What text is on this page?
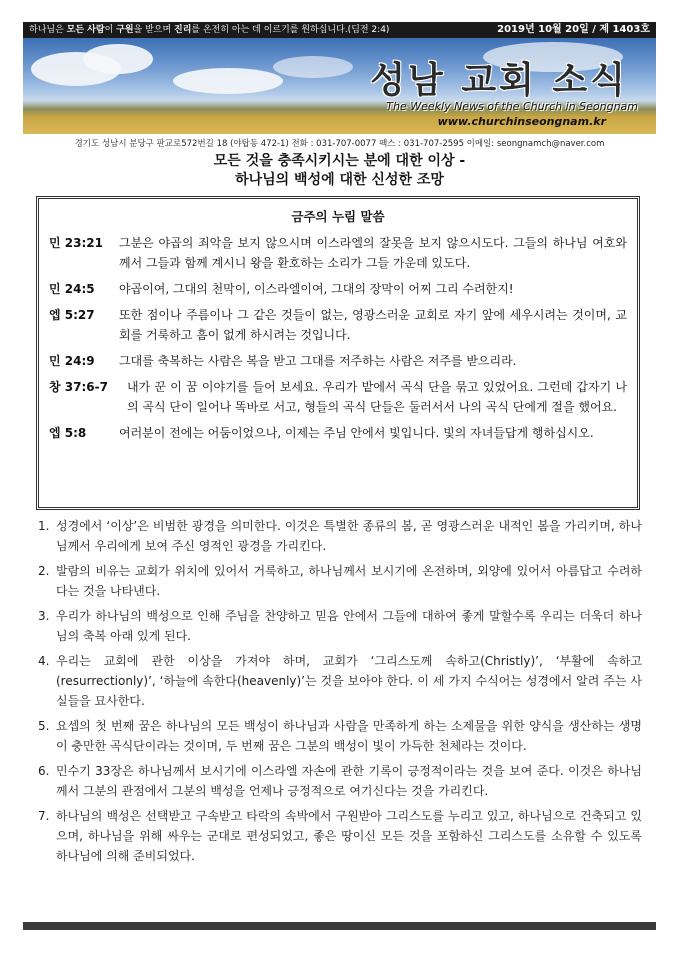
하나님은 모든 사람이 구원을 받으며 진리를 온전히 아는 데 이르기를 원하십니다.(딤전 2:4)	2019년 10월 20일 / 제 1403호
성남 교회 소식
The Weekly News of the Church in Seongnam
www.churchinseongnam.kr
경기도 성남시 분당구 판교로572번길 18 (야탑동 472-1) 전화 : 031-707-0077 팩스 : 031-707-2595 이메일: seongnamch@naver.com
모든 것을 충족시키시는 분에 대한 이상 -
하나님의 백성에 대한 신성한 조망
금주의 누림 말씀
민 23:21	그분은 야곱의 죄악을 보지 않으시며 이스라엘의 잘못을 보지 않으시도다. 그들의 하나님 여호와께서 그들과 함께 계시니 왕을 환호하는 소리가 그들 가운데 있도다.
민 24:5	야곱이여, 그대의 천막이, 이스라엘이여, 그대의 장막이 어찌 그리 수려한지!
엡 5:27	또한 점이나 주름이나 그 같은 것들이 없는, 영광스러운 교회로 자기 앞에 세우시려는 것이며, 교회를 거룩하고 흠이 없게 하시려는 것입니다.
민 24:9	그대를 축복하는 사람은 복을 받고 그대를 저주하는 사람은 저주를 받으리라.
창 37:6-7	내가 꾼 이 꿈 이야기를 들어 보세요. 우리가 밭에서 곡식 단을 묶고 있었어요. 그런데 갑자기 나의 곡식 단이 일어나 똑바로 서고, 형들의 곡식 단들은 둘러서서 나의 곡식 단에게 절을 했어요.
엡 5:8	여러분이 전에는 어둠이었으나, 이제는 주님 안에서 빛입니다. 빛의 자녀들답게 행하십시오.
1. 성경에서 ‘이상’은 비범한 광경을 의미한다. 이것은 특별한 종류의 봄, 곧 영광스러운 내적인 봄을 가리키며, 하나님께서 우리에게 보여 주신 영적인 광경을 가리킨다.
2. 발람의 비유는 교회가 위치에 있어서 거룩하고, 하나님께서 보시기에 온전하며, 외양에 있어서 아름답고 수려하다는 것을 나타낸다.
3. 우리가 하나님의 백성으로 인해 주님을 찬양하고 믿음 안에서 그들에 대하여 좋게 말할수록 우리는 더욱더 하나님의 축복 아래 있게 된다.
4. 우리는 교회에 관한 이상을 가져야 하며, 교회가 ‘그리스도께 속하고(Christly)’, ‘부활에 속하고(resurrectionly)’, ‘하늘에 속한다(heavenly)’는 것을 보아야 한다. 이 세 가지 수식어는 성경에서 알려 주는 사실들을 묘사한다.
5. 요셉의 첫 번째 꿈은 하나님의 모든 백성이 하나님과 사람을 만족하게 하는 소제물을 위한 양식을 생산하는 생명이 충만한 곡식단이라는 것이며, 두 번째 꿈은 그분의 백성이 빛이 가득한 천체라는 것이다.
6. 민수기 33장은 하나님께서 보시기에 이스라엘 자손에 관한 기록이 긍정적이라는 것을 보여 준다. 이것은 하나님께서 그분의 관점에서 그분의 백성을 언제나 긍정적으로 여기신다는 것을 가리킨다.
7. 하나님의 백성은 선택받고 구속받고 타락의 속박에서 구원받아 그리스도를 누리고 있고, 하나님으로 건축되고 있으며, 하나님을 위해 싸우는 군대로 편성되었고, 좋은 땅이신 모든 것을 포함하신 그리스도를 소유할 수 있도록 하나님에 의해 준비되었다.
